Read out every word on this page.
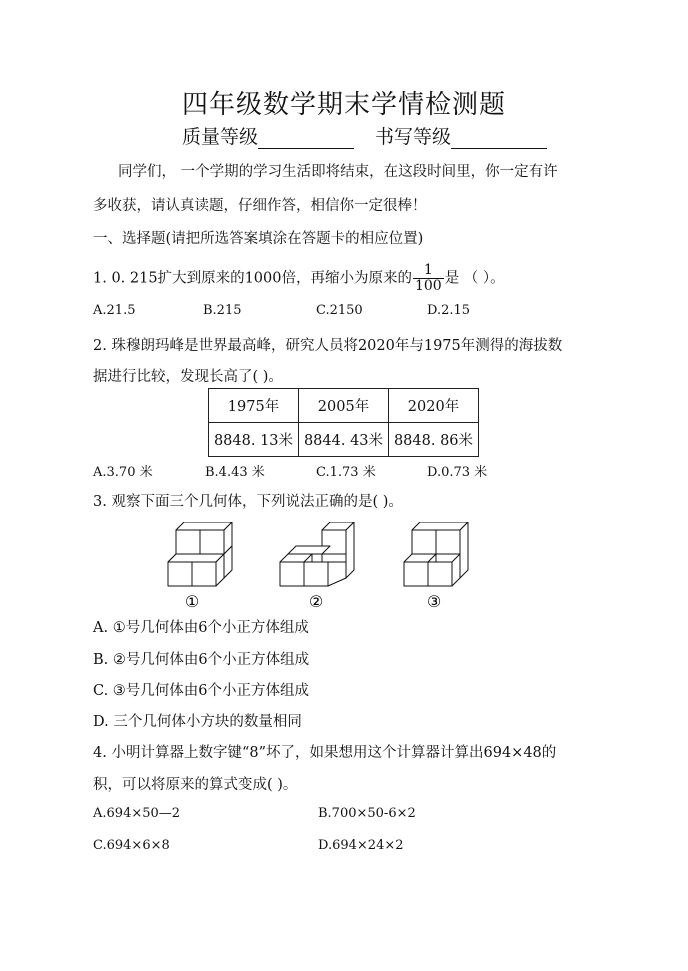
四年级数学期末学情检测题
质量等级	书写等级
同学们， 一个学期的学习生活即将结束，在这段时间里，你一定有许
多收获，请认真读题，仔细作答，相信你一定很棒！
一、选择题(请把所选答案填涂在答题卡的相应位置)
1. 0. 215扩大到原来的1000倍，再缩小为原来的 $\frac{1}{100}$ 是 （ ）。
A.21.5	B.215	C.2150	D.2.15
2. 珠穆朗玛峰是世界最高峰，研究人员将2020年与1975年测得的海拔数
据进行比较，发现长高了( )。
1975年	2005年	2020年
8848. 13米	8844. 43米	8848. 86米
A.3.70 米	B.4.43 米	C.1.73 米	D.0.73 米
3. 观察下面三个几何体，下列说法正确的是( )。
①	②	③
A. ①号几何体由6个小正方体组成
B. ②号几何体由6个小正方体组成
C. ③号几何体由6个小正方体组成
D. 三个几何体小方块的数量相同
4. 小明计算器上数字键“8”坏了，如果想用这个计算器计算出694×48的
积，可以将原来的算式变成( )。
A.694×50—2	B.700×50-6×2
C.694×6×8	D.694×24×2
